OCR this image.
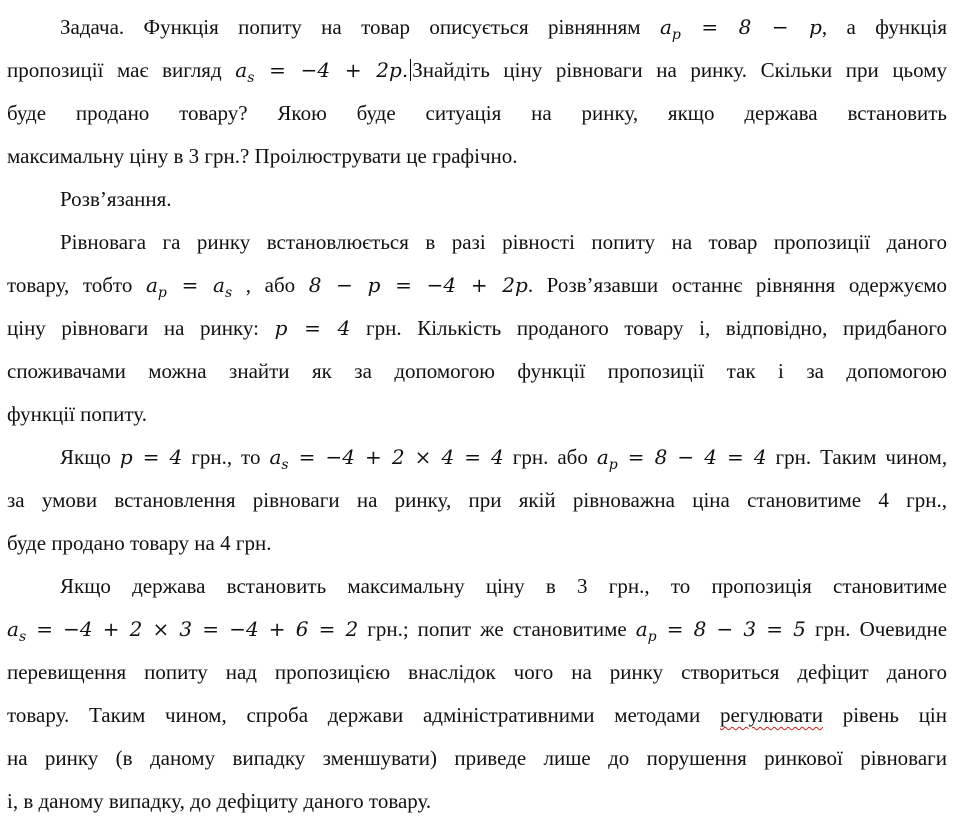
Задача. Функція попиту на товар описується рівнянням $a_p = 8 - p$, а функція
пропозиції має вигляд $a_s = -4 + 2p$. Знайдіть ціну рівноваги на ринку. Скільки при цьому
буде продано товару? Якою буде ситуація на ринку, якщо держава встановить
максимальну ціну в 3 грн.? Проілюструвати це графічно.
Розв’язання.
Рівновага га ринку встановлюється в разі рівності попиту на товар пропозиції даного
товару, тобто $a_p = a_s$ , або 8 − p = −4 + 2p. Розв’язавши останнє рівняння одержуємо
ціну рівноваги на ринку: p = 4 грн. Кількість проданого товару і, відповідно, придбаного
споживачами можна знайти як за допомогою функції пропозиції так і за допомогою
функції попиту.
Якщо p = 4 грн., то $a_s = -4 + 2 \times 4 = 4$ грн. або $a_p = 8 - 4 = 4$ грн. Таким чином,
за умови встановлення рівноваги на ринку, при якій рівноважна ціна становитиме 4 грн.,
буде продано товару на 4 грн.
Якщо держава встановить максимальну ціну в 3 грн., то пропозиція становитиме
$a_s = -4 + 2 \times 3 = -4 + 6 = 2$ грн.; попит же становитиме $a_p = 8 - 3 = 5$ грн. Очевидне
перевищення попиту над пропозицією внаслідок чого на ринку створиться дефіцит даного
товару. Таким чином, спроба держави адміністративними методами регулювати рівень цін
на ринку (в даному випадку зменшувати) приведе лише до порушення ринкової рівноваги
і, в даному випадку, до дефіциту даного товару.
